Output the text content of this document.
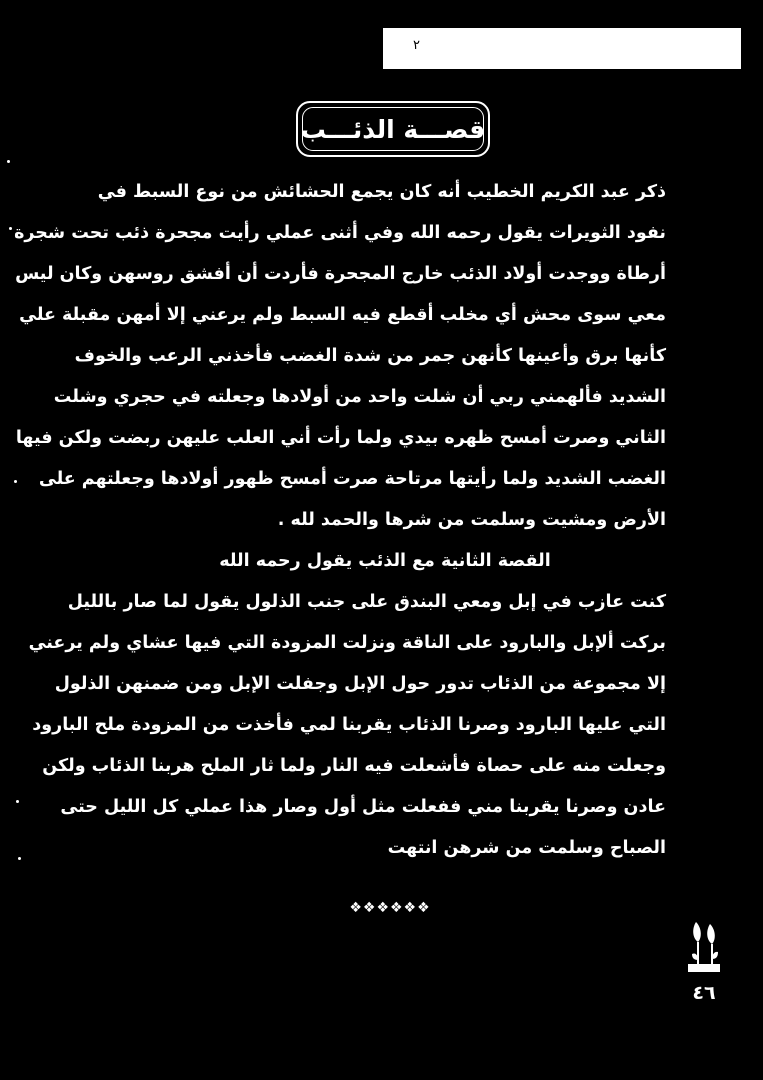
٢
قصـــة الذئـــب
ذكر عبد الكريم الخطيب أنه كان يجمع الحشائش من نوع السبط في
نفود الثويرات يقول رحمه الله وفي أثنى عملي رأيت مجحرة ذئب تحت شجرة
أرطاة ووجدت أولاد الذئب خارج المجحرة فأردت أن أفشق روسهن وكان ليس
معي سوى محش أي مخلب أقطع فيه السبط ولم يرعني إلا أمهن مقبلة علي
كأنها برق وأعينها كأنهن جمر من شدة الغضب فأخذني الرعب والخوف
الشديد فألهمني ربي أن شلت واحد من أولادها وجعلته في حجري وشلت
الثاني وصرت أمسح ظهره بيدي ولما رأت أني العلب عليهن ربضت ولكن فيها
الغضب الشديد ولما رأيتها مرتاحة صرت أمسح ظهور أولادها وجعلتهم على
الأرض ومشيت وسلمت من شرها والحمد لله .
القصة الثانية مع الذئب يقول رحمه الله
كنت عازب في إبل ومعي البندق على جنب الذلول يقول لما صار بالليل
بركت ألإبل والبارود على الناقة ونزلت المزودة التي فيها عشاي ولم يرعني
إلا مجموعة من الذئاب تدور حول الإبل وجفلت الإبل ومن ضمنهن الذلول
التي عليها البارود وصرنا الذئاب يقربنا لمي فأخذت من المزودة ملح البارود
وجعلت منه على حصاة فأشعلت فيه النار ولما ثار الملح هربنا الذئاب ولكن
عادن وصرنا يقربنا مني ففعلت مثل أول وصار هذا عملي كل الليل حتى
الصباح وسلمت من شرهن انتهت
❖❖❖❖❖❖
٤٦
